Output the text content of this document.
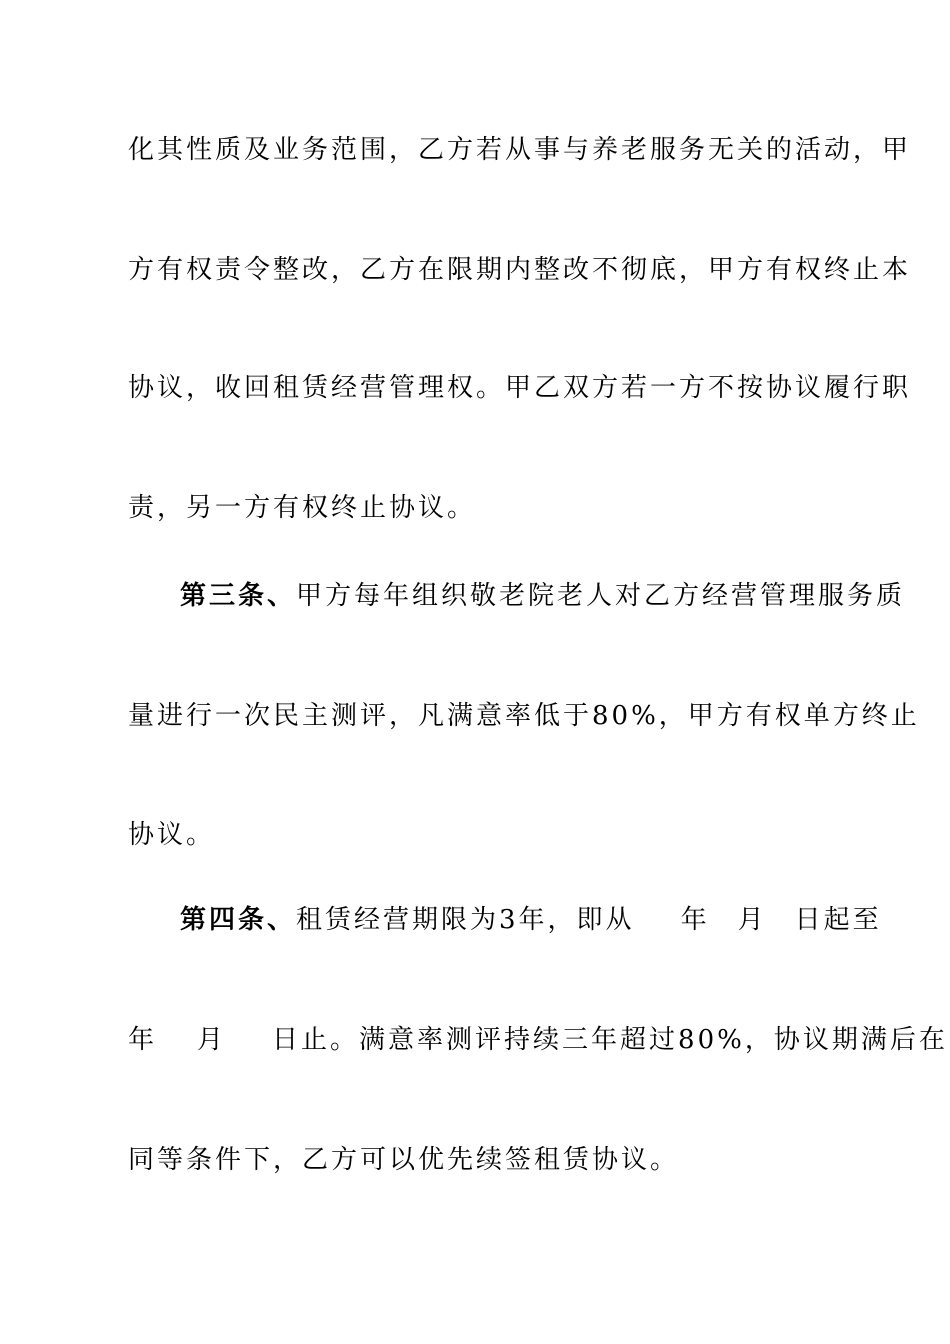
化其性质及业务范围，乙方若从事与养老服务无关的活动，甲
方有权责令整改，乙方在限期内整改不彻底，甲方有权终止本
协议，收回租赁经营管理权。甲乙双方若一方不按协议履行职
责，另一方有权终止协议。
第三条、甲方每年组织敬老院老人对乙方经营管理服务质
量进行一次民主测评，凡满意率低于80%，甲方有权单方终止
协议。
第四条、租赁经营期限为3年，即从 年 月 日起至
年 月 日止。满意率测评持续三年超过80%，协议期满后在
同等条件下，乙方可以优先续签租赁协议。
